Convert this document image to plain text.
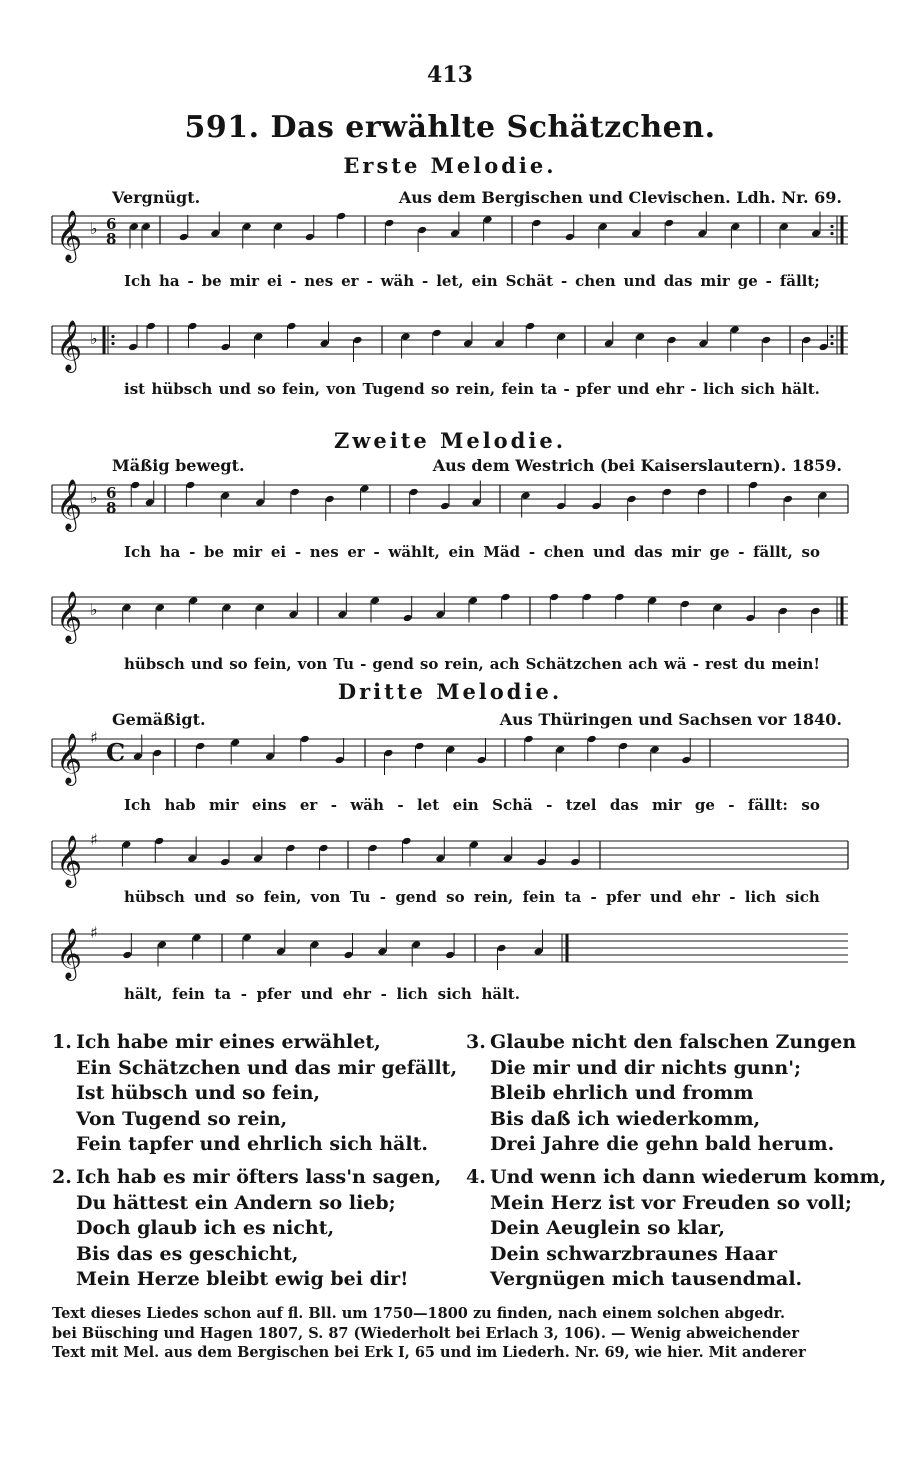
413
591. Das erwählte Schätzchen.
Erste Melodie.
Vergnügt.	Aus dem Bergischen und Clevischen. Ldh. Nr. 69.
𝄞 ♭ 6
8
𝄞 ♭
Ich ha - be mir ei - nes er - wäh - let, ein Schät - chen und das mir ge - fällt;
ist hübsch und so fein, von Tugend so rein, fein ta - pfer und ehr - lich sich hält.
Zweite Melodie.
Mäßig bewegt.	Aus dem Westrich (bei Kaiserslautern). 1859.
𝄞 ♭ 6
8
𝄞 ♭
Ich ha - be mir ei - nes er - wählt, ein Mäd - chen und das mir ge - fällt, so
hübsch und so fein, von Tu - gend so rein, ach Schätzchen ach wä - rest du mein!
Dritte Melodie.
Gemäßigt.	Aus Thüringen und Sachsen vor 1840.
𝄞 ♯
C
𝄞 ♯
𝄞 ♯
Ich hab mir eins er - wäh - let ein Schä - tzel das mir ge - fällt: so
hübsch und so fein, von Tu - gend so rein, fein ta - pfer und ehr - lich sich
hält, fein ta - pfer und ehr - lich sich hält.
1. Ich habe mir eines erwählet,
Ein Schätzchen und das mir gefällt,
Ist hübsch und so fein,
Von Tugend so rein,
Fein tapfer und ehrlich sich hält.
2. Ich hab es mir öfters lass'n sagen,
Du hättest ein Andern so lieb;
Doch glaub ich es nicht,
Bis das es geschicht,
Mein Herze bleibt ewig bei dir!
3. Glaube nicht den falschen Zungen
Die mir und dir nichts gunn';
Bleib ehrlich und fromm
Bis daß ich wiederkomm,
Drei Jahre die gehn bald herum.
4. Und wenn ich dann wiederum komm,
Mein Herz ist vor Freuden so voll;
Dein Aeuglein so klar,
Dein schwarzbraunes Haar
Vergnügen mich tausendmal.
Text dieses Liedes schon auf fl. Bll. um 1750—1800 zu finden, nach einem solchen abgedr.
bei Büsching und Hagen 1807, S. 87 (Wiederholt bei Erlach 3, 106). — Wenig abweichender
Text mit Mel. aus dem Bergischen bei Erk I, 65 und im Liederh. Nr. 69, wie hier. Mit anderer
